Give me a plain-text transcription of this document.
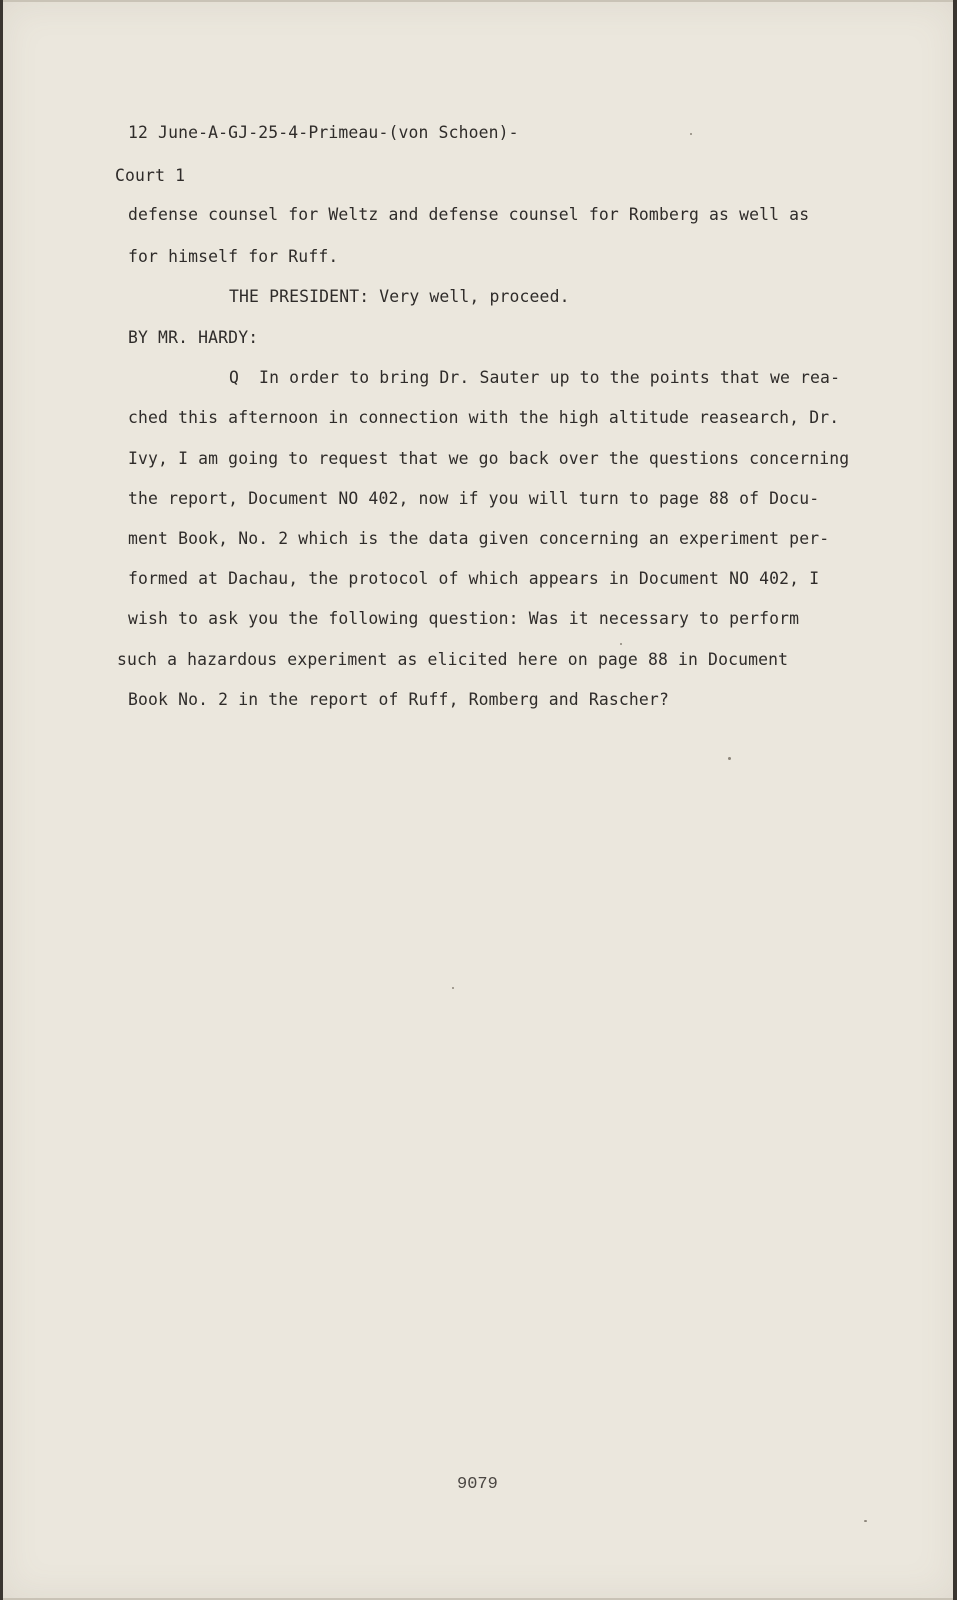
12 June-A-GJ-25-4-Primeau-(von Schoen)-
Court 1
defense counsel for Weltz and defense counsel for Romberg as well as
for himself for Ruff.
THE PRESIDENT: Very well, proceed.
BY MR. HARDY:
Q  In order to bring Dr. Sauter up to the points that we rea-
ched this afternoon in connection with the high altitude reasearch, Dr.
Ivy, I am going to request that we go back over the questions concerning
the report, Document NO 402, now if you will turn to page 88 of Docu-
ment Book, No. 2 which is the data given concerning an experiment per-
formed at Dachau, the protocol of which appears in Document NO 402, I
wish to ask you the following question: Was it necessary to perform
such a hazardous experiment as elicited here on page 88 in Document
Book No. 2 in the report of Ruff, Romberg and Rascher?
9079
